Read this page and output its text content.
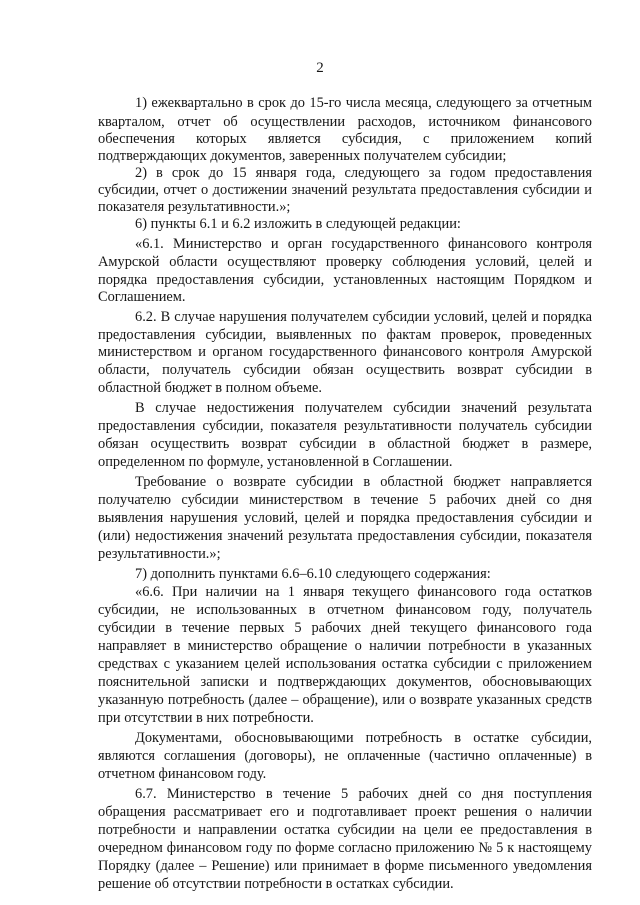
2
1) ежеквартально в срок до 15-го числа месяца, следующего за отчетным
кварталом, отчет об осуществлении расходов, источником финансового
обеспечения которых является субсидия, с приложением копий
подтверждающих документов, заверенных получателем субсидии;
2) в срок до 15 января года, следующего за годом предоставления
субсидии, отчет о достижении значений результата предоставления субсидии и
показателя результативности.»;
6) пункты 6.1 и 6.2 изложить в следующей редакции:
«6.1. Министерство и орган государственного финансового контроля
Амурской области осуществляют проверку соблюдения условий, целей и
порядка предоставления субсидии, установленных настоящим Порядком и
Соглашением.
6.2. В случае нарушения получателем субсидии условий, целей и порядка
предоставления субсидии, выявленных по фактам проверок, проведенных
министерством и органом государственного финансового контроля Амурской
области, получатель субсидии обязан осуществить возврат субсидии в
областной бюджет в полном объеме.
В случае недостижения получателем субсидии значений результата
предоставления субсидии, показателя результативности получатель субсидии
обязан осуществить возврат субсидии в областной бюджет в размере,
определенном по формуле, установленной в Соглашении.
Требование о возврате субсидии в областной бюджет направляется
получателю субсидии министерством в течение 5 рабочих дней со дня
выявления нарушения условий, целей и порядка предоставления субсидии и
(или) недостижения значений результата предоставления субсидии, показателя
результативности.»;
7) дополнить пунктами 6.6–6.10 следующего содержания:
«6.6. При наличии на 1 января текущего финансового года остатков
субсидии, не использованных в отчетном финансовом году, получатель
субсидии в течение первых 5 рабочих дней текущего финансового года
направляет в министерство обращение о наличии потребности в указанных
средствах с указанием целей использования остатка субсидии с приложением
пояснительной записки и подтверждающих документов, обосновывающих
указанную потребность (далее – обращение), или о возврате указанных средств
при отсутствии в них потребности.
Документами, обосновывающими потребность в остатке субсидии,
являются соглашения (договоры), не оплаченные (частично оплаченные) в
отчетном финансовом году.
6.7. Министерство в течение 5 рабочих дней со дня поступления
обращения рассматривает его и подготавливает проект решения о наличии
потребности и направлении остатка субсидии на цели ее предоставления в
очередном финансовом году по форме согласно приложению № 5 к настоящему
Порядку (далее – Решение) или принимает в форме письменного уведомления
решение об отсутствии потребности в остатках субсидии.
